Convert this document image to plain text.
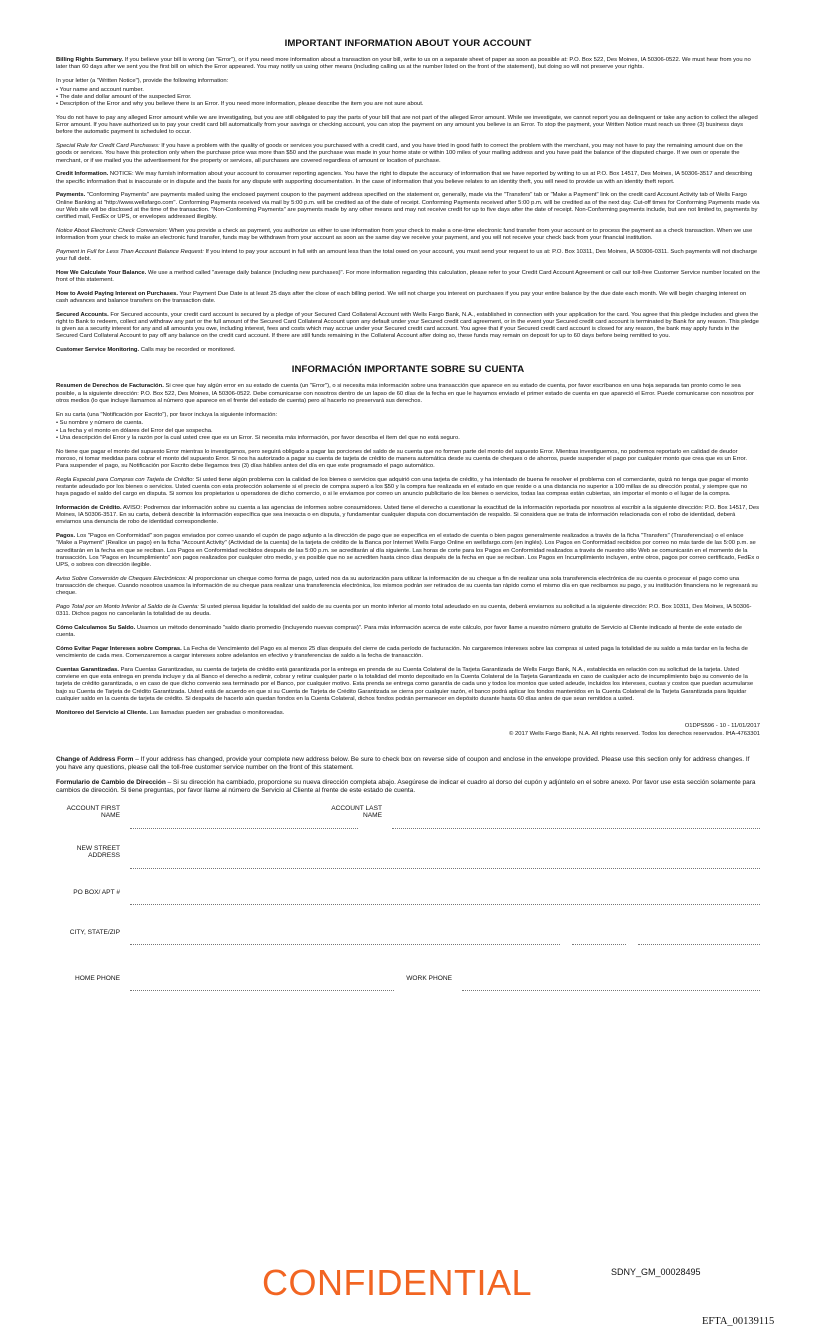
IMPORTANT INFORMATION ABOUT YOUR ACCOUNT

Billing Rights Summary. If you believe your bill is wrong (an "Error"), or if you need more information about a transaction on your bill, write to us on a separate sheet of paper as soon as possible at: P.O. Box 522, Des Moines, IA 50306-0522. We must hear from you no later than 60 days after we sent you the first bill on which the Error appeared. You may notify us using other means (including calling us at the number listed on the front of the statement), but doing so will not preserve your rights.

In your letter (a "Written Notice"), provide the following information:

• Your name and account number.
• The date and dollar amount of the suspected Error.
• Description of the Error and why you believe there is an Error. If you need more information, please describe the item you are not sure about.

You do not have to pay any alleged Error amount while we are investigating, but you are still obligated to pay the parts of your bill that are not part of the alleged Error amount. While we investigate, we cannot report you as delinquent or take any action to collect the alleged Error amount. If you have authorized us to pay your credit card bill automatically from your savings or checking account, you can stop the payment on any amount you believe is an Error. To stop the payment, your Written Notice must reach us three (3) business days before the automatic payment is scheduled to occur.

Special Rule for Credit Card Purchases: If you have a problem with the quality of goods or services you purchased with a credit card, and you have tried in good faith to correct the problem with the merchant, you may not have to pay the remaining amount due on the goods or services. You have this protection only when the purchase price was more than $50 and the purchase was made in your home state or within 100 miles of your mailing address and you have paid the balance of the disputed charge. If we own or operate the merchant, or if we mailed you the advertisement for the property or services, all purchases are covered regardless of amount or location of purchase.

Credit Information. NOTICE: We may furnish information about your account to consumer reporting agencies. You have the right to dispute the accuracy of information that we have reported by writing to us at P.O. Box 14517, Des Moines, IA 50306-3517 and describing the specific information that is inaccurate or in dispute and the basis for any dispute with supporting documentation. In the case of information that you believe relates to an identity theft, you will need to provide us with an identity theft report.

Payments. "Conforming Payments" are payments mailed using the enclosed payment coupon to the payment address specified on the statement or, generally, made via the "Transfers" tab or "Make a Payment" link on the credit card Account Activity tab of Wells Fargo Online Banking at "http://www.wellsfargo.com". Conforming Payments received via mail by 5:00 p.m. will be credited as of the date of receipt. Conforming Payments received after 5:00 p.m. will be credited as of the next day. Cut-off times for Conforming Payments made via our Web site will be disclosed at the time of the transaction. "Non-Conforming Payments" are payments made by any other means and may not receive credit for up to five days after the date of receipt. Non-Conforming payments include, but are not limited to, payments by certified mail, FedEx or UPS, or envelopes addressed illegibly.

Notice About Electronic Check Conversion: When you provide a check as payment, you authorize us either to use information from your check to make a one-time electronic fund transfer from your account or to process the payment as a check transaction. When we use information from your check to make an electronic fund transfer, funds may be withdrawn from your account as soon as the same day we receive your payment, and you will not receive your check back from your financial institution.

Payment in Full for Less Than Account Balance Request: If you intend to pay your account in full with an amount less than the total owed on your account, you must send your request to us at: P.O. Box 10311, Des Moines, IA 50306-0311. Such payments will not discharge your full debt.

How We Calculate Your Balance. We use a method called "average daily balance (including new purchases)". For more information regarding this calculation, please refer to your Credit Card Account Agreement or call our toll-free Customer Service number located on the front of this statement.

How to Avoid Paying Interest on Purchases. Your Payment Due Date is at least 25 days after the close of each billing period. We will not charge you interest on purchases if you pay your entire balance by the due date each month. We will begin charging interest on cash advances and balance transfers on the transaction date.

Secured Accounts. For Secured accounts, your credit card account is secured by a pledge of your Secured Card Collateral Account with Wells Fargo Bank, N.A., established in connection with your application for the card. You agree that this pledge includes and gives the right to Bank to redeem, collect and withdraw any part or the full amount of the Secured Card Collateral Account upon any default under your Secured credit card agreement, or in the event your Secured credit card account is terminated by Bank for any reason. This pledge is given as a security interest for any and all amounts you owe, including interest, fees and costs which may accrue under your Secured credit card account. You agree that if your Secured credit card account is closed for any reason, the bank may apply funds in the Secured Card Collateral Account to pay off any balance on the credit card account. If there are still funds remaining in the Collateral Account after doing so, these funds may remain on deposit for up to 60 days before being remitted to you.

Customer Service Monitoring. Calls may be recorded or monitored.

INFORMACIÓN IMPORTANTE SOBRE SU CUENTA

Resumen de Derechos de Facturación. Si cree que hay algún error en su estado de cuenta (un "Error"), o si necesita más información sobre una transacción que aparece en su estado de cuenta, por favor escríbanos en una hoja separada tan pronto como le sea posible, a la siguiente dirección: P.O. Box 522, Des Moines, IA 50306-0522. Debe comunicarse con nosotros dentro de un lapso de 60 días de la fecha en que le hayamos enviado el primer estado de cuenta en que apareció el Error. Puede comunicarse con nosotros por otros medios (lo que incluye llamarnos al número que aparece en el frente del estado de cuenta) pero al hacerlo no preservará sus derechos.

En su carta (una "Notificación por Escrito"), por favor incluya la siguiente información:

• Su nombre y número de cuenta.
• La fecha y el monto en dólares del Error del que sospecha.
• Una descripción del Error y la razón por la cual usted cree que es un Error. Si necesita más información, por favor describa el ítem del que no está seguro.

No tiene que pagar el monto del supuesto Error mientras lo investigamos, pero seguirá obligado a pagar las porciones del saldo de su cuenta que no formen parte del monto del supuesto Error. Mientras investiguemos, no podremos reportarlo en calidad de deudor moroso, ni tomar medidas para cobrar el monto del supuesto Error. Si nos ha autorizado a pagar su cuenta de tarjeta de crédito de manera automática desde su cuenta de cheques o de ahorros, puede suspender el pago por cualquier monto que crea que es un Error. Para suspender el pago, su Notificación por Escrito debe llegarnos tres (3) días hábiles antes del día en que este programado el pago automático.

Regla Especial para Compras con Tarjeta de Crédito: Si usted tiene algún problema con la calidad de los bienes o servicios que adquirió con una tarjeta de crédito, y ha intentado de buena fe resolver el problema con el comerciante, quizá no tenga que pagar el monto restante adeudado por los bienes o servicios. Usted cuenta con esta protección solamente si el precio de compra superó a los $50 y la compra fue realizada en el estado en que reside o a una distancia no superior a 100 millas de su dirección postal, y siempre que no haya pagado el saldo del cargo en disputa. Si somos los propietarios u operadores de dicho comercio, o si le enviamos por correo un anuncio publicitario de los bienes o servicios, todas las compras están cubiertas, sin importar el monto o el lugar de la compra.

Información de Crédito. AVISO: Podremos dar información sobre su cuenta a las agencias de informes sobre consumidores. Usted tiene el derecho a cuestionar la exactitud de la información reportada por nosotros al escribir a la siguiente dirección: P.O. Box 14517, Des Moines, IA 50306-3517. En su carta, deberá describir la información específica que sea inexacta o en disputa, y fundamentar cualquier disputa con documentación de respaldo. Si considera que se trata de información relacionada con el robo de identidad, deberá enviarnos una denuncia de robo de identidad correspondiente.

Pagos. Los "Pagos en Conformidad" son pagos enviados por correo usando el cupón de pago adjunto a la dirección de pago que se especifica en el estado de cuenta o bien pagos generalmente realizados a través de la ficha "Transfers" (Transferencias) o el enlace "Make a Payment" (Realice un pago) en la ficha "Account Activity" (Actividad de la cuenta) de la tarjeta de crédito de la Banca por Internet Wells Fargo Online en wellsfargo.com (en inglés). Los Pagos en Conformidad recibidos por correo no más tarde de las 5:00 p.m. se acreditarán en la fecha en que se reciban. Los Pagos en Conformidad recibidos después de las 5:00 p.m. se acreditarán al día siguiente. Las horas de corte para los Pagos en Conformidad realizados a través de nuestro sitio Web se comunicarán en el momento de la transacción. Los "Pagos en Incumplimiento" son pagos realizados por cualquier otro medio, y es posible que no se acrediten hasta cinco días después de la fecha en que se reciban. Los Pagos en Incumplimiento incluyen, entre otros, pagos por correo certificado, FedEx o UPS, o sobres con dirección ilegible.

Aviso Sobre Conversión de Cheques Electrónicos: Al proporcionar un cheque como forma de pago, usted nos da su autorización para utilizar la información de su cheque a fin de realizar una sola transferencia electrónica de su cuenta o procesar el pago como una transacción de cheque. Cuando nosotros usamos la información de su cheque para realizar una transferencia electrónica, los mismos podrán ser retirados de su cuenta tan rápido como el mismo día en que recibamos su pago, y su institución financiera no le regresará su cheque.

Pago Total por un Monto Inferior al Saldo de la Cuenta: Si usted piensa liquidar la totalidad del saldo de su cuenta por un monto inferior al monto total adeudado en su cuenta, deberá enviarnos su solicitud a la siguiente dirección: P.O. Box 10311, Des Moines, IA 50306-0311. Dichos pagos no cancelarán la totalidad de su deuda.

Cómo Calculamos Su Saldo. Usamos un método denominado "saldo diario promedio (incluyendo nuevas compras)". Para más información acerca de este cálculo, por favor llame a nuestro número gratuito de Servicio al Cliente indicado al frente de este estado de cuenta.

Cómo Evitar Pagar Intereses sobre Compras. La Fecha de Vencimiento del Pago es al menos 25 días después del cierre de cada período de facturación. No cargaremos intereses sobre las compras si usted paga la totalidad de su saldo a más tardar en la fecha de vencimiento de cada mes. Comenzaremos a cargar intereses sobre adelantos en efectivo y transferencias de saldo a la fecha de transacción.

Cuentas Garantizadas. Para Cuentas Garantizadas, su cuenta de tarjeta de crédito está garantizada por la entrega en prenda de su Cuenta Colateral de la Tarjeta Garantizada de Wells Fargo Bank, N.A., establecida en relación con su solicitud de la tarjeta. Usted conviene en que esta entrega en prenda incluye y da al Banco el derecho a redimir, cobrar y retirar cualquier parte o la totalidad del monto depositado en la Cuenta Colateral de la Tarjeta Garantizada en caso de cualquier acto de incumplimiento bajo su convenio de la tarjeta de crédito garantizada, o en caso de que dicho convenio sea terminado por el Banco, por cualquier motivo. Esta prenda se entrega como garantía de cada uno y todos los montos que usted adeude, incluidos los intereses, cuotas y costos que puedan acumularse bajo su Cuenta de Tarjeta de Crédito Garantizada. Usted está de acuerdo en que si su Cuenta de Tarjeta de Crédito Garantizada se cierra por cualquier razón, el banco podrá aplicar los fondos mantenidos en la Cuenta Colateral de la Tarjeta Garantizada para liquidar cualquier saldo en la cuenta de tarjeta de crédito. Si después de hacerlo aún quedan fondos en la Cuenta Colateral, dichos fondos podrán permanecer en depósito durante hasta 60 días antes de que sean remitidos a usted.

Monitoreo del Servicio al Cliente. Las llamadas pueden ser grabadas o monitoreadas.

O1DPS596 - 10 - 11/01/2017
© 2017 Wells Fargo Bank, N.A. All rights reserved. Todos los derechos reservados. IHA-4763301

Change of Address Form – If your address has changed, provide your complete new address below. Be sure to check box on reverse side of coupon and enclose in the envelope provided. Please use this section only for address changes. If you have any questions, please call the toll-free customer service number on the front of this statement.

Formulario de Cambio de Dirección – Si su dirección ha cambiado, proporcione su nueva dirección completa abajo. Asegúrese de indicar el cuadro al dorso del cupón y adjúntelo en el sobre anexo. Por favor use esta sección solamente para cambios de dirección. Si tiene preguntas, por favor llame al número de Servicio al Cliente al frente de este estado de cuenta.

ACCOUNT FIRST NAME
ACCOUNT LAST NAME
NEW STREET ADDRESS
PO BOX/ APT #
CITY, STATE/ZIP
HOME PHONE	WORK PHONE
CONFIDENTIAL	SDNY_GM_00028495
EFTA_00139115
